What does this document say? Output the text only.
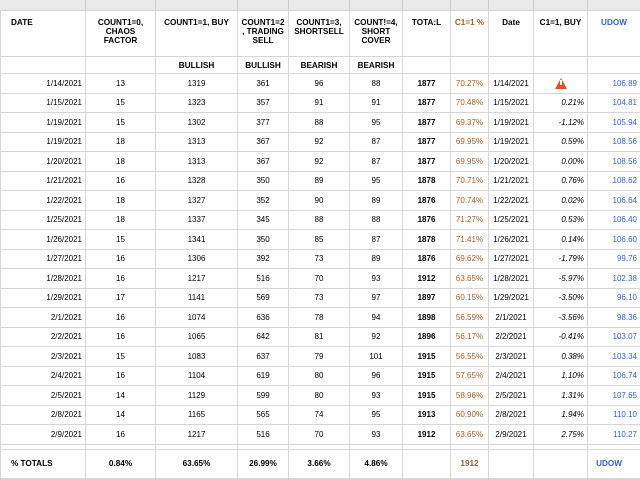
DATE	COUNT1=0, CHAOS FACTOR	COUNT1=1, BUY	COUNT1=2 , TRADING SELL	COUNT1=3, SHORTSELL	COUNT!=4, SHORT COVER	TOTA:L	C1=1 %	Date	C1=1, BUY	UDOW
		BULLISH	BULLISH	BEARISH	BEARISH					
1/14/2021	13	1319	361	96	88	1877	70.27%	1/14/2021		106.89
1/15/2021	15	1323	357	91	91	1877	70.48%	1/15/2021	0.21%	104.81
1/19/2021	15	1302	377	88	95	1877	69.37%	1/19/2021	-1.12%	105.94
1/19/2021	18	1313	367	92	87	1877	69.95%	1/19/2021	0.59%	108.56
1/20/2021	18	1313	367	92	87	1877	69.95%	1/20/2021	0.00%	108.56
1/21/2021	16	1328	350	89	95	1878	70.71%	1/21/2021	0.76%	108.62
1/22/2021	18	1327	352	90	89	1876	70.74%	1/22/2021	0.02%	106.64
1/25/2021	18	1337	345	88	88	1876	71.27%	1/25/2021	0.53%	106.40
1/26/2021	15	1341	350	85	87	1878	71.41%	1/26/2021	0.14%	106.60
1/27/2021	16	1306	392	73	89	1876	69.62%	1/27/2021	-1.79%	99.76
1/28/2021	16	1217	516	70	93	1912	63.65%	1/28/2021	-5.97%	102.38
1/29/2021	17	1141	569	73	97	1897	60.15%	1/29/2021	-3.50%	96.10
2/1/2021	16	1074	636	78	94	1898	56.59%	2/1/2021	-3.56%	98.36
2/2/2021	16	1065	642	81	92	1896	56.17%	2/2/2021	-0.41%	103.07
2/3/2021	15	1083	637	79	101	1915	56.55%	2/3/2021	0.38%	103.34
2/4/2021	16	1104	619	80	96	1915	57.65%	2/4/2021	1.10%	106.74
2/5/2021	14	1129	599	80	93	1915	58.96%	2/5/2021	1.31%	107.65
2/8/2021	14	1165	565	74	95	1913	60.90%	2/8/2021	1.94%	110.10
2/9/2021	16	1217	516	70	93	1912	63.65%	2/9/2021	2.75%	110.27

% TOTALS	0.84%	63.65%	26.99%	3.66%	4.86%		1912			UDOW
